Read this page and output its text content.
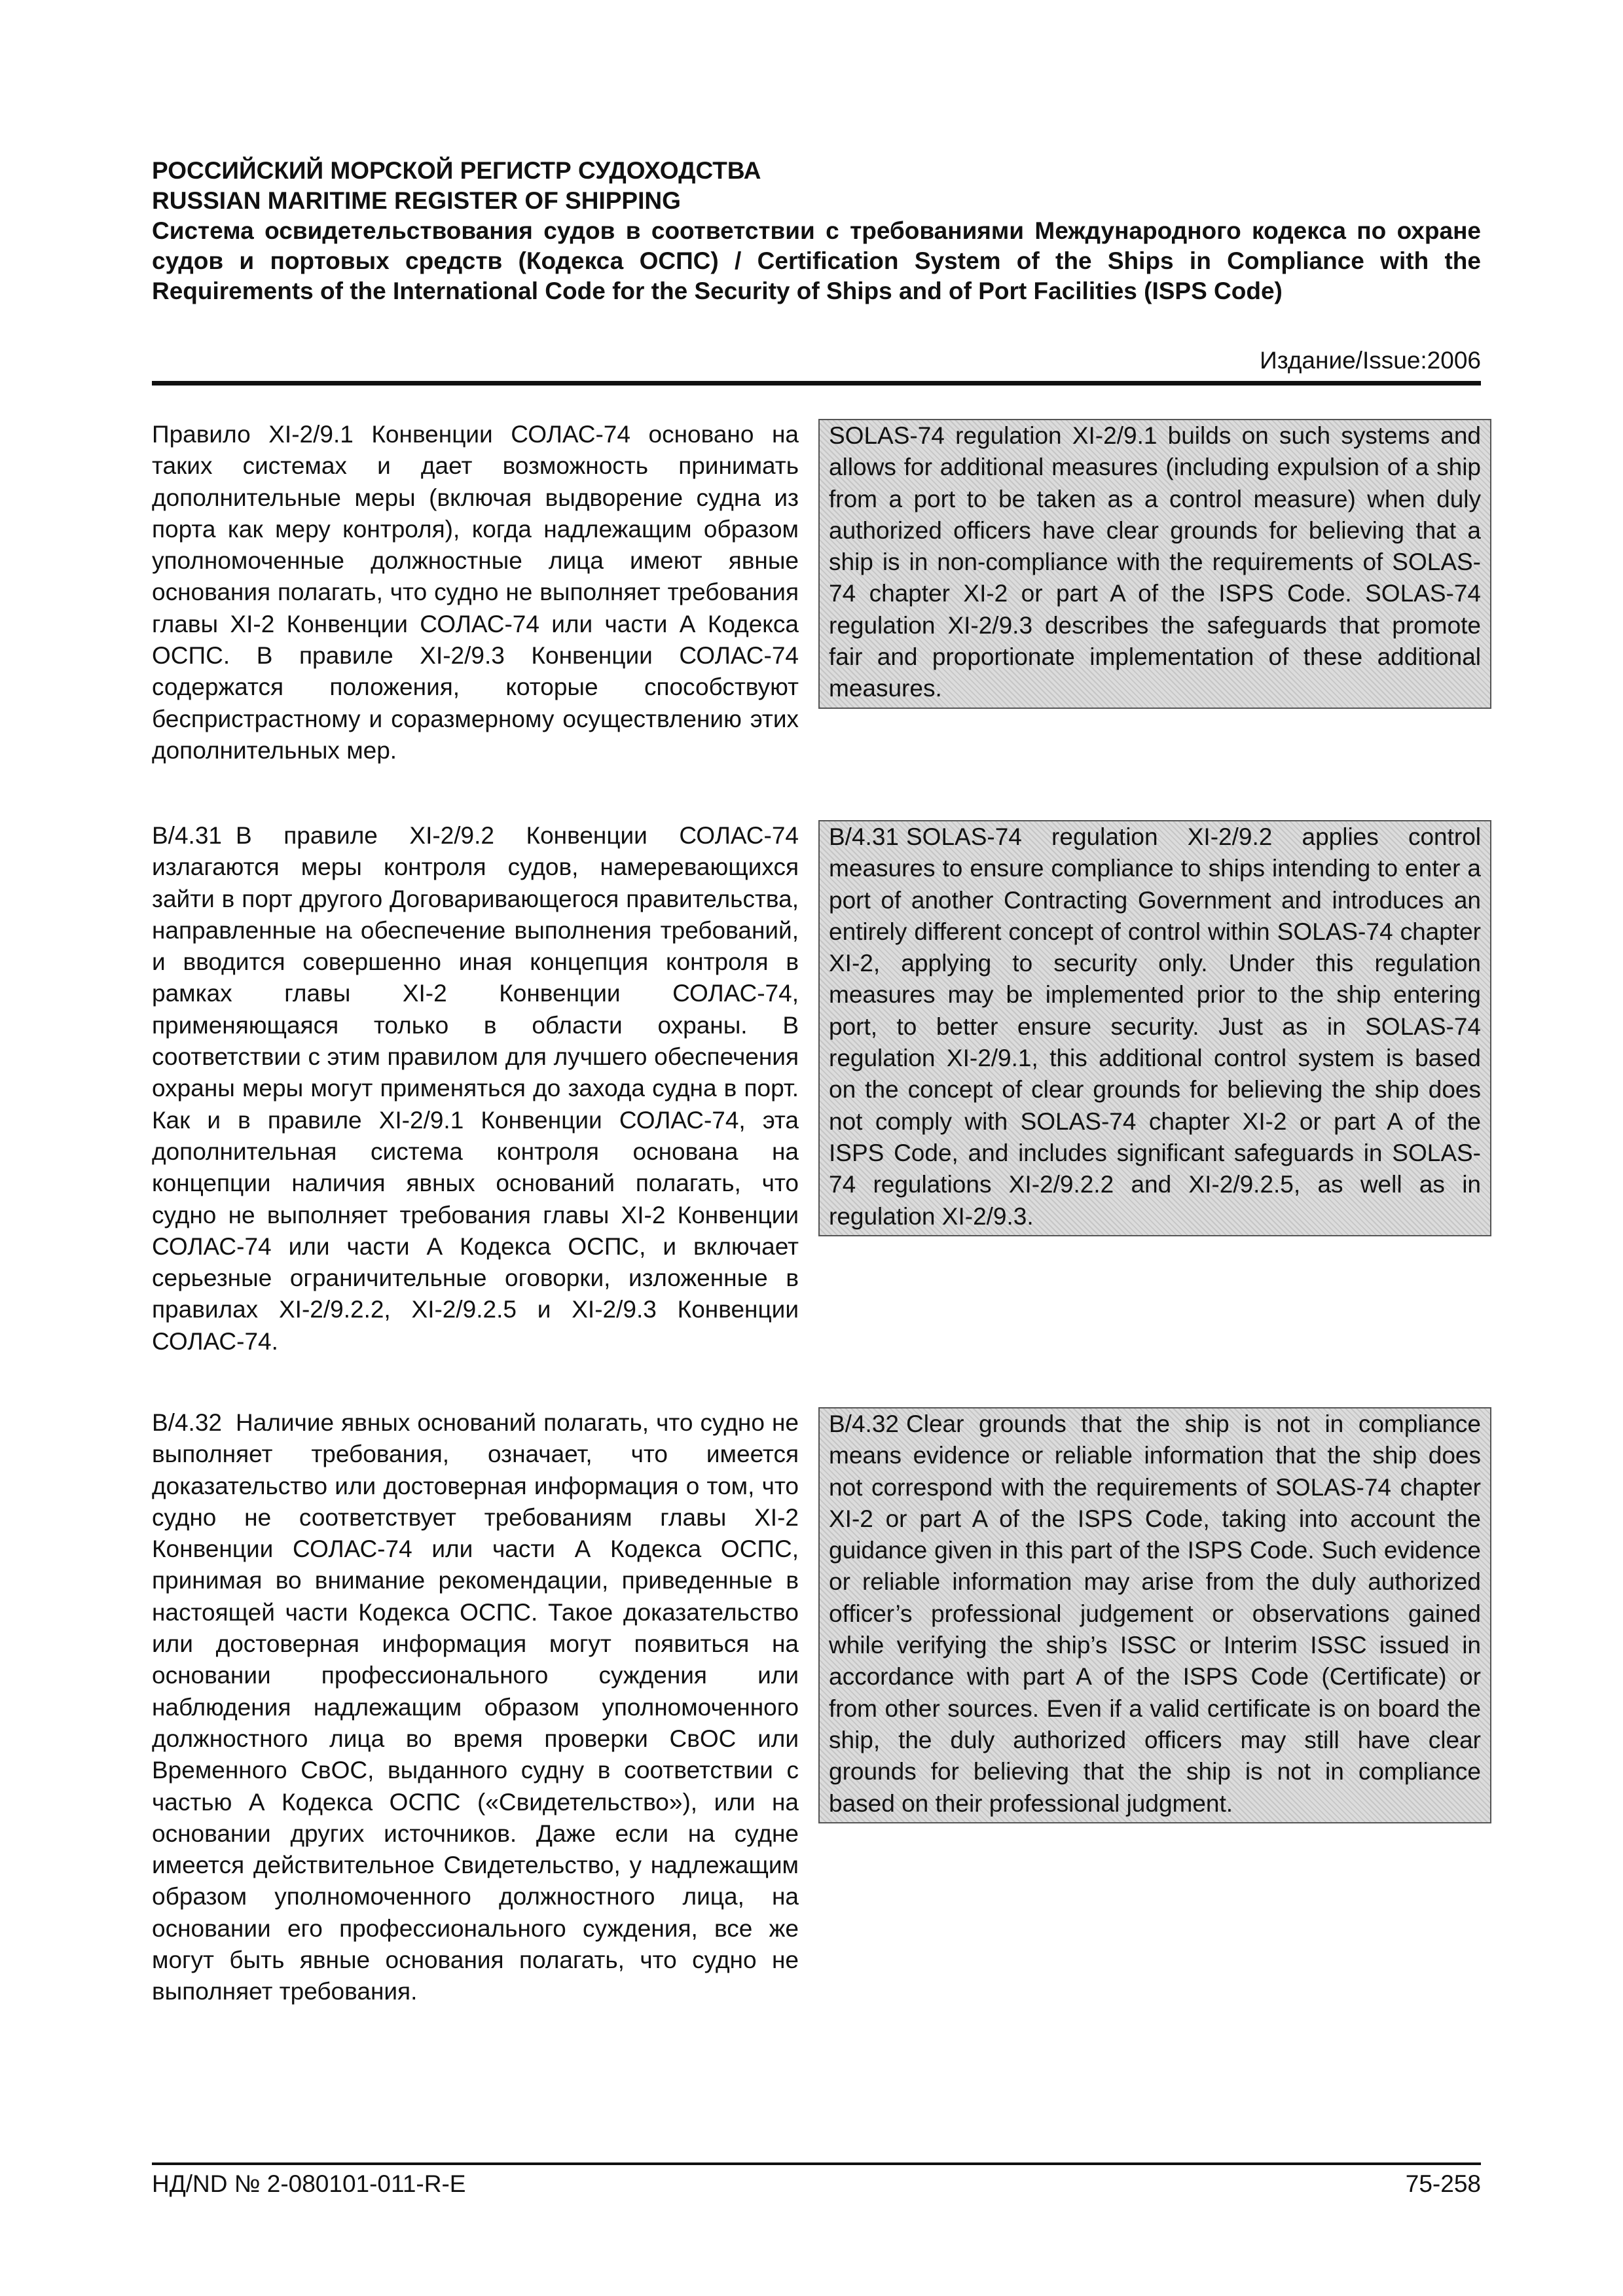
РОССИЙСКИЙ МОРСКОЙ РЕГИСТР СУДОХОДСТВА
RUSSIAN MARITIME REGISTER OF SHIPPING
Система освидетельствования судов в соответствии с требованиями Международного кодекса по охране судов и портовых средств (Кодекса ОСПС) / Certification System of the Ships in Compliance with the Requirements of the International Code for the Security of Ships and of Port Facilities (ISPS Code)
Издание/Issue:2006

Правило XI-2/9.1 Конвенции СОЛАС-74 основано на таких системах и дает возможность принимать дополнительные меры (включая выдворение судна из порта как меру контроля), когда надлежащим образом уполномоченные должностные лица имеют явные основания полагать, что судно не выполняет требования главы XI-2 Конвенции СОЛАС-74 или части А Кодекса ОСПС. В правиле XI-2/9.3 Конвенции СОЛАС-74 содержатся положения, которые способствуют беспристрастному и соразмерному осуществлению этих дополнительных мер.

SOLAS-74 regulation XI-2/9.1 builds on such systems and allows for additional measures (including expulsion of a ship from a port to be taken as a control measure) when duly authorized officers have clear grounds for believing that a ship is in non-compliance with the requirements of SOLAS-74 chapter XI-2 or part A of the ISPS Code. SOLAS-74 regulation XI-2/9.3 describes the safeguards that promote fair and proportionate implementation of these additional measures.

B/4.31 В правиле XI-2/9.2 Конвенции СОЛАС-74 излагаются меры контроля судов, намеревающихся зайти в порт другого Договаривающегося правительства, направленные на обеспечение выполнения требований, и вводится совершенно иная концепция контроля в рамках главы XI-2 Конвенции СОЛАС-74, применяющаяся только в области охраны. В соответствии с этим правилом для лучшего обеспечения охраны меры могут применяться до захода судна в порт. Как и в правиле XI-2/9.1 Конвенции СОЛАС-74, эта дополнительная система контроля основана на концепции наличия явных оснований полагать, что судно не выполняет требования главы XI-2 Конвенции СОЛАС-74 или части А Кодекса ОСПС, и включает серьезные ограничительные оговорки, изложенные в правилах XI-2/9.2.2, XI-2/9.2.5 и XI-2/9.3 Конвенции СОЛАС-74.

B/4.31 SOLAS-74 regulation XI-2/9.2 applies control measures to ensure compliance to ships intending to enter a port of another Contracting Government and introduces an entirely different concept of control within SOLAS-74 chapter XI-2, applying to security only. Under this regulation measures may be implemented prior to the ship entering port, to better ensure security. Just as in SOLAS-74 regulation XI-2/9.1, this additional control system is based on the concept of clear grounds for believing the ship does not comply with SOLAS-74 chapter XI-2 or part A of the ISPS Code, and includes significant safeguards in SOLAS-74 regulations XI-2/9.2.2 and XI-2/9.2.5, as well as in regulation XI-2/9.3.

B/4.32 Наличие явных оснований полагать, что судно не выполняет требования, означает, что имеется доказательство или достоверная информация о том, что судно не соответствует требованиям главы XI-2 Конвенции СОЛАС-74 или части А Кодекса ОСПС, принимая во внимание рекомендации, приведенные в настоящей части Кодекса ОСПС. Такое доказательство или достоверная информация могут появиться на основании профессионального суждения или наблюдения надлежащим образом уполномоченного должностного лица во время проверки СвОС или Временного СвОС, выданного судну в соответствии с частью А Кодекса ОСПС («Свидетельство»), или на основании других источников. Даже если на судне имеется действительное Свидетельство, у надлежащим образом уполномоченного должностного лица, на основании его профессионального суждения, все же могут быть явные основания полагать, что судно не выполняет требования.

B/4.32 Clear grounds that the ship is not in compliance means evidence or reliable information that the ship does not correspond with the requirements of SOLAS-74 chapter XI-2 or part A of the ISPS Code, taking into account the guidance given in this part of the ISPS Code. Such evidence or reliable information may arise from the duly authorized officer’s professional judgement or observations gained while verifying the ship’s ISSC or Interim ISSC issued in accordance with part A of the ISPS Code (Certificate) or from other sources. Even if a valid certificate is on board the ship, the duly authorized officers may still have clear grounds for believing that the ship is not in compliance based on their professional judgment.

НД/ND № 2-080101-011-R-E	75-258
